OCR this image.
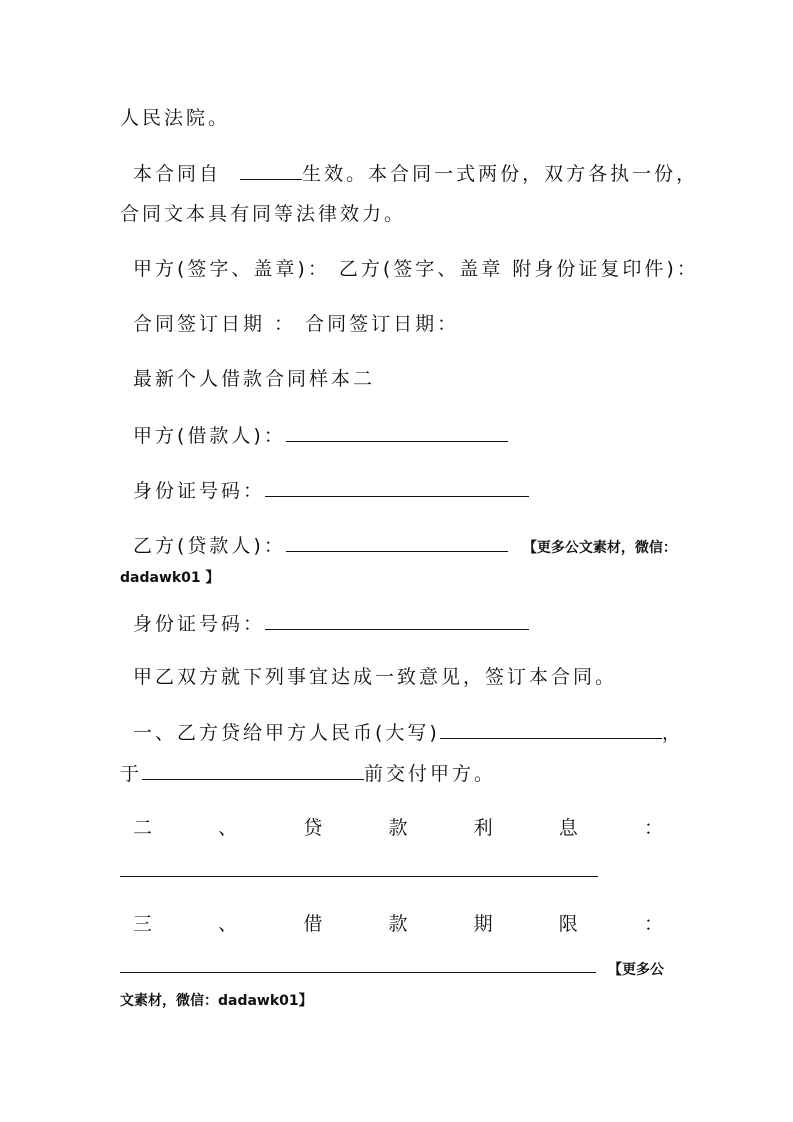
人民法院。
本合同自	生效。本合同一式两份，双方各执一份，
合同文本具有同等法律效力。
甲方(签字、盖章)： 乙方(签字、盖章 附身份证复印件)：
合同签订日期 ： 合同签订日期：
最新个人借款合同样本二
甲方(借款人)：
身份证号码：
乙方(贷款人)：	【更多公文素材，微信：
dadawk01 】
身份证号码：
甲乙双方就下列事宜达成一致意见，签订本合同。
一、乙方贷给甲方人民币(大写)	，
于	前交付甲方。
二	、	贷	款	利	息	：
三	、	借	款	期	限	：
【更多公
文素材，微信：dadawk01】
